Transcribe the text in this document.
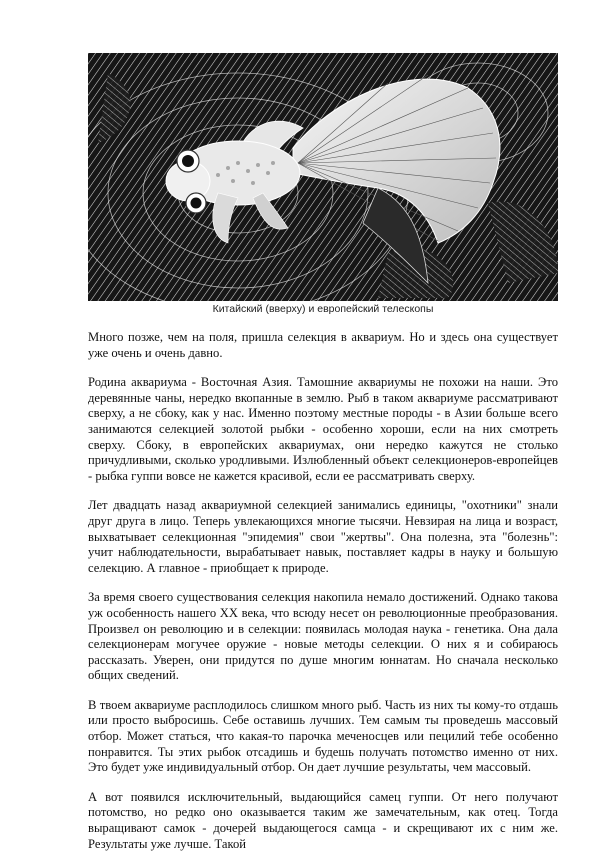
Китайский (вверху) и европейский телескопы

Много позже, чем на поля, пришла селекция в аквариум. Но и здесь она существует уже очень и очень давно.

Родина аквариума - Восточная Азия. Тамошние аквариумы не похожи на наши. Это деревянные чаны, нередко вкопанные в землю. Рыб в таком аквариуме рассматривают сверху, а не сбоку, как у нас. Именно поэтому местные породы - в Азии больше всего занимаются селекцией золотой рыбки - особенно хороши, если на них смотреть сверху. Сбоку, в европейских аквариумах, они нередко кажутся не столько причудливыми, сколько уродливыми. Излюбленный объект селекционеров-европейцев - рыбка гуппи вовсе не кажется красивой, если ее рассматривать сверху.

Лет двадцать назад аквариумной селекцией занимались единицы, "охотники" знали друг друга в лицо. Теперь увлекающихся многие тысячи. Невзирая на лица и возраст, выхватывает селекционная "эпидемия" свои "жертвы". Она полезна, эта "болезнь": учит наблюдательности, вырабатывает навык, поставляет кадры в науку и большую селекцию. А главное - приобщает к природе.

За время своего существования селекция накопила немало достижений. Однако такова уж особенность нашего XX века, что всюду несет он революционные преобразования. Произвел он революцию и в селекции: появилась молодая наука - генетика. Она дала селекционерам могучее оружие - новые методы селекции. О них я и собираюсь рассказать. Уверен, они придутся по душе многим юннатам. Но сначала несколько общих сведений.

В твоем аквариуме расплодилось слишком много рыб. Часть из них ты кому-то отдашь или просто выбросишь. Себе оставишь лучших. Тем самым ты проведешь массовый отбор. Может статься, что какая-то парочка меченосцев или пецилий тебе особенно понравится. Ты этих рыбок отсадишь и будешь получать потомство именно от них. Это будет уже индивидуальный отбор. Он дает лучшие результаты, чем массовый.

А вот появился исключительный, выдающийся самец гуппи. От него получают потомство, но редко оно оказывается таким же замечательным, как отец. Тогда выращивают самок - дочерей выдающегося самца - и скрещивают их с ним же. Результаты уже лучше. Такой
